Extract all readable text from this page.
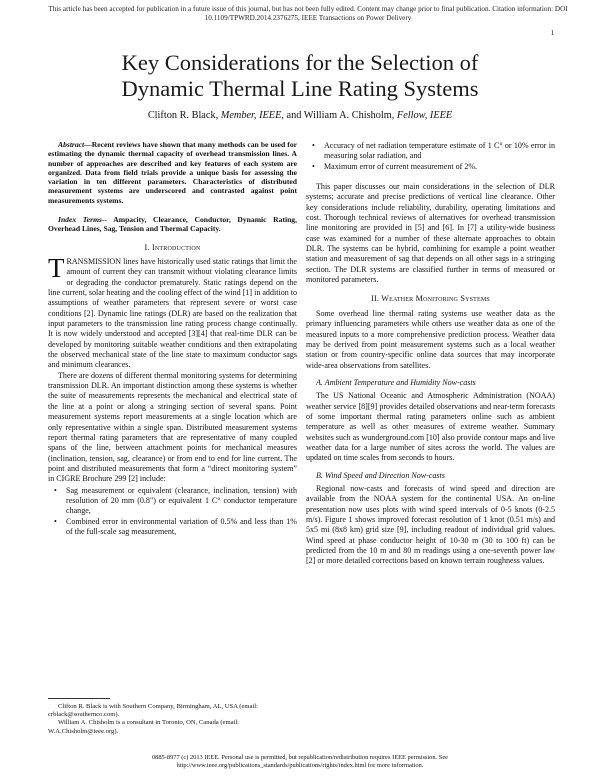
This article has been accepted for publication in a future issue of this journal, but has not been fully edited. Content may change prior to final publication. Citation information: DOI
10.1109/TPWRD.2014.2376275, IEEE Transactions on Power Delivery
1
Key Considerations for the Selection of
Dynamic Thermal Line Rating Systems
Clifton R. Black, Member, IEEE, and William A. Chisholm, Fellow, IEEE

Abstract—Recent reviews have shown that many methods can be used for estimating the dynamic thermal capacity of overhead transmission lines. A number of approaches are described and key features of each system are organized. Data from field trials provide a unique basis for assessing the variation in ten different parameters. Characteristics of distributed measurement systems are underscored and contrasted against point measurements systems.

Index Terms-- Ampacity, Clearance, Conductor, Dynamic Rating, Overhead Lines, Sag, Tension and Thermal Capacity.

I. Introduction

TRANSMISSION lines have historically used static ratings that limit the amount of current they can transmit without violating clearance limits or degrading the conductor prematurely. Static ratings depend on the line current, solar heating and the cooling effect of the wind [1] in addition to assumptions of weather parameters that represent severe or worst case conditions [2]. Dynamic line ratings (DLR) are based on the realization that input parameters to the transmission line rating process change continually. It is now widely understood and accepted [3][4] that real-time DLR can be developed by monitoring suitable weather conditions and then extrapolating the observed mechanical state of the line state to maximum conductor sags and minimum clearances.

There are dozens of different thermal monitoring systems for determining transmission DLR. An important distinction among these systems is whether the suite of measurements represents the mechanical and electrical state of the line at a point or along a stringing section of several spans. Point measurement systems report measurements at a single location which are only representative within a single span. Distributed measurement systems report thermal rating parameters that are representative of many coupled spans of the line, between attachment points for mechanical measures (inclination, tension, sag, clearance) or from end to end for line current. The point and distributed measurements that form a “direct monitoring system” in CIGRE Brochure 299 [2] include:

• Sag measurement or equivalent (clearance, inclination, tension) with resolution of 20 mm (0.8") or equivalent 1 C° conductor temperature change,
• Combined error in environmental variation of 0.5% and less than 1% of the full-scale sag measurement,
• Accuracy of net radiation temperature estimate of 1 C° or 10% error in measuring solar radiation, and
• Maximum error of current measurement of 2%.

This paper discusses our main considerations in the selection of DLR systems; accurate and precise predictions of vertical line clearance. Other key considerations include reliability, durability, operating limitations and cost. Thorough technical reviews of alternatives for overhead transmission line monitoring are provided in [5] and [6]. In [7] a utility-wide business case was examined for a number of these alternate approaches to obtain DLR. The systems can be hybrid, combining for example a point weather station and measurement of sag that depends on all other sags in a stringing section. The DLR systems are classified further in terms of measured or monitored parameters.

II. Weather Monitoring Systems

Some overhead line thermal rating systems use weather data as the primary influencing parameters while others use weather data as one of the measured inputs to a more comprehensive prediction process. Weather data may be derived from point measurement systems such as a local weather station or from country-specific online data sources that may incorporate wide-area observations from satellites.

A. Ambient Temperature and Humidity Now-casts

The US National Oceanic and Atmospheric Administration (NOAA) weather service [8][9] provides detailed observations and near-term forecasts of some important thermal rating parameters online such as ambient temperature as well as other measures of extreme weather. Summary websites such as wunderground.com [10] also provide contour maps and live weather data for a large number of sites across the world. The values are updated on time scales from seconds to hours.

B. Wind Speed and Direction Now-casts

Regional now-casts and forecasts of wind speed and direction are available from the NOAA system for the continental USA. An on-line presentation now uses plots with wind speed intervals of 0-5 knots (0-2.5 m/s). Figure 1 shows improved forecast resolution of 1 knot (0.51 m/s) and 5x5 mi (8x8 km) grid size [9], including readout of individual grid values. Wind speed at phase conductor height of 10-30 m (30 to 100 ft) can be predicted from the 10 m and 80 m readings using a one-seventh power law [2] or more detailed corrections based on known terrain roughness values.

Clifton R. Black is with Southern Company, Birmingham, AL, USA (email: crblack@southernco.com).

William A. Chisholm is a consultant in Toronto, ON, Canada (email: W.A.Chisholm@ieee.org).

0885-8977 (c) 2013 IEEE. Personal use is permitted, but republication/redistribution requires IEEE permission. See
http://www.ieee.org/publications_standards/publications/rights/index.html for more information.
